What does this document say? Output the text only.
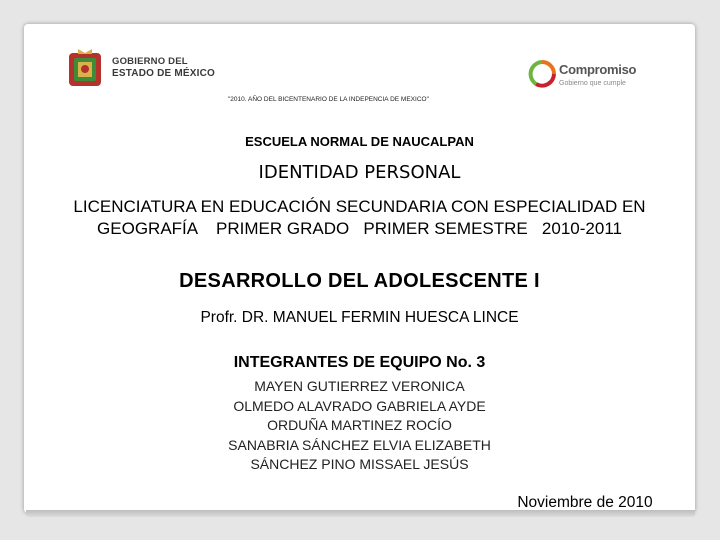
GOBIERNO DEL
ESTADO DE MÉXICO	Compromiso
Gobierno que cumple
"2010. AÑO DEL BICENTENARIO DE LA INDEPENCIA DE MEXICO"
ESCUELA NORMAL DE NAUCALPAN
IDENTIDAD PERSONAL
LICENCIATURA EN EDUCACIÓN SECUNDARIA CON ESPECIALIDAD EN
GEOGRAFÍA    PRIMER GRADO   PRIMER SEMESTRE   2010-2011
DESARROLLO DEL ADOLESCENTE I
Profr. DR. MANUEL FERMIN HUESCA LINCE
INTEGRANTES DE EQUIPO No. 3
MAYEN GUTIERREZ VERONICA
OLMEDO ALAVRADO GABRIELA AYDE
ORDUÑA MARTINEZ ROCÍO
SANABRIA SÁNCHEZ ELVIA ELIZABETH
SÁNCHEZ PINO MISSAEL JESÚS
Noviembre de 2010
